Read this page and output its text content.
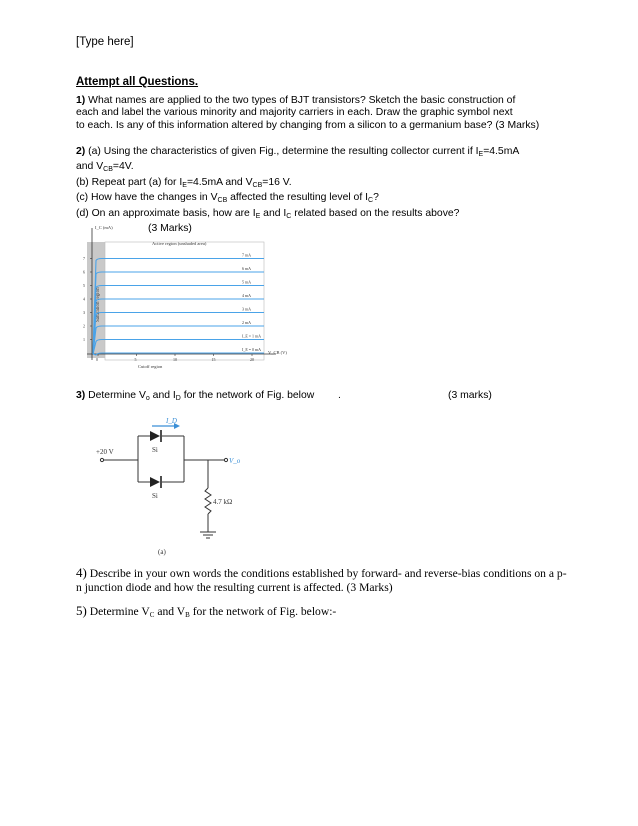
[Type here]
Attempt all Questions.
1) What names are applied to the two types of BJT transistors? Sketch the basic construction of
each and label the various minority and majority carriers in each. Draw the graphic symbol next
to each. Is any of this information altered by changing from a silicon to a germanium base? (3 Marks)
2) (a) Using the characteristics of given Fig., determine the resulting collector current if $I_E=4.5mA$
and $V_{CB}=4V$.
(b) Repeat part (a) for $I_E=4.5mA$ and $V_{CB}=16$ V.
(c) How have the changes in $V_{CB}$ affected the resulting level of $I_C$?
(d) On an approximate basis, how are $I_E$ and $I_C$ related based on the results above?
(3 Marks)
I_C (mA)
V_CB (V)
Active region (unshaded area)
Saturation region
Cutoff region
I_E = 0 mA
I_E = 1 mA
2 mA
3 mA
4 mA
5 mA
6 mA
7 mA
1
2
3
4
5
6
7
0	5	10	15	20
3) Determine $V_o$ and $I_D$ for the network of Fig. below .	(3 marks)
I_D
+20 V	Si
Si
V_o
4.7 kΩ
(a)
4) Describe in your own words the conditions established by forward- and reverse-bias conditions on a p-
n junction diode and how the resulting current is affected. (3 Marks)
5) Determine $V_C$ and $V_B$ for the network of Fig. below:-
